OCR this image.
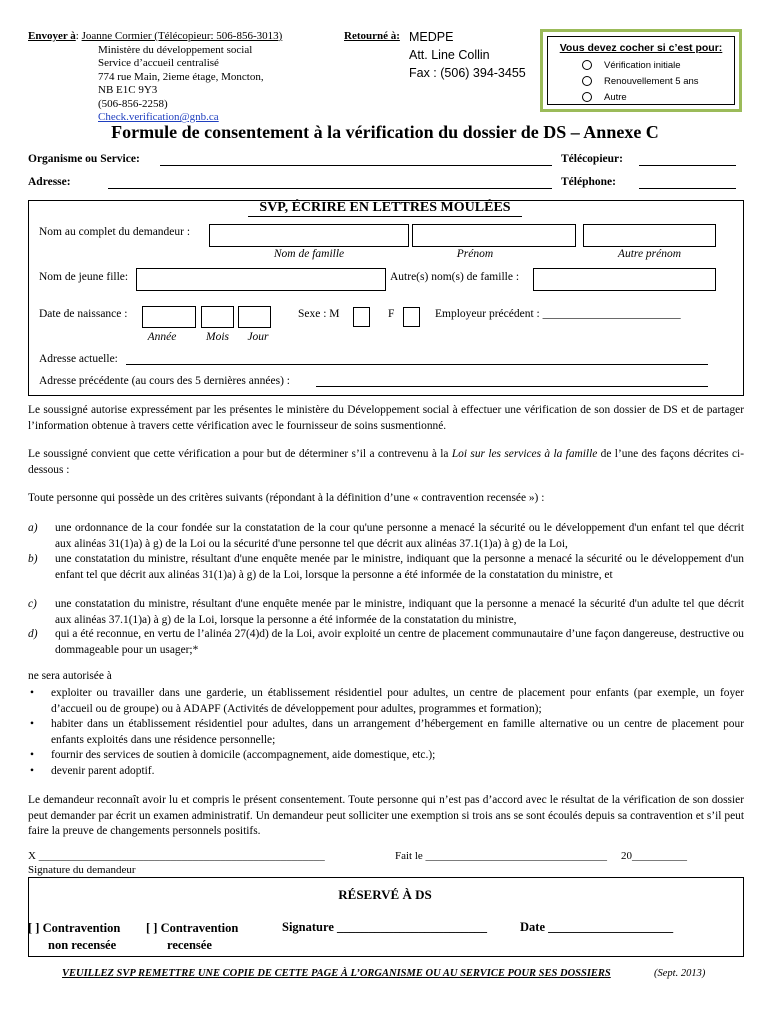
Envoyer à: Joanne Cormier (Télécopieur: 506-856-3013)
Ministère du développement social
Service d’accueil centralisé
774 rue Main, 2ieme étage, Moncton,
NB E1C 9Y3
(506-856-2258)
Check.verification@gnb.ca
Retourné à: MEDPE
Att. Line Collin
Fax : (506) 394-3455
Vous devez cocher si c’est pour:
Vérification initiale
Renouvellement 5 ans
Autre
Formule de consentement à la vérification du dossier de DS – Annexe C
Organisme ou Service:	Télécopieur:
Adresse:	Téléphone:
SVP, ÉCRIRE EN LETTRES MOULÉES
Nom au complet du demandeur :
Nom de famille	Prénom	Autre prénom
Nom de jeune fille:	Autre(s) nom(s) de famille :
Date de naissance :
Année	Mois	Jour
Sexe : M	F	Employeur précédent : ________________________
Adresse actuelle:
Adresse précédente (au cours des 5 dernières années) :
Le soussigné autorise expressément par les présentes le ministère du Développement social à effectuer une vérification de son dossier de DS et de partager l’information obtenue à travers cette vérification avec le fournisseur de soins susmentionné.
Le soussigné convient que cette vérification a pour but de déterminer s’il a contrevenu à la Loi sur les services à la famille de l’une des façons décrites ci-dessous :
Toute personne qui possède un des critères suivants (répondant à la définition d’une « contravention recensée ») :
a) une ordonnance de la cour fondée sur la constatation de la cour qu'une personne a menacé la sécurité ou le développement d'un enfant tel que décrit aux alinéas 31(1)a) à g) de la Loi ou la sécurité d'une personne tel que décrit aux alinéas 37.1(1)a) à g) de la Loi,
b) une constatation du ministre, résultant d'une enquête menée par le ministre, indiquant que la personne a menacé la sécurité ou le développement d'un enfant tel que décrit aux alinéas 31(1)a) à g) de la Loi, lorsque la personne a été informée de la constatation du ministre, et
c) une constatation du ministre, résultant d'une enquête menée par le ministre, indiquant que la personne a menacé la sécurité d'un adulte tel que décrit aux alinéas 37.1(1)a) à g) de la Loi, lorsque la personne a été informée de la constatation du ministre,
d) qui a été reconnue, en vertu de l’alinéa 27(4)d) de la Loi, avoir exploité un centre de placement communautaire d’une façon dangereuse, destructive ou dommageable pour un usager;*
ne sera autorisée à
• exploiter ou travailler dans une garderie, un établissement résidentiel pour adultes, un centre de placement pour enfants (par exemple, un foyer d’accueil ou de groupe) ou à ADAPF (Activités de développement pour adultes, programmes et formation);
• habiter dans un établissement résidentiel pour adultes, dans un arrangement d’hébergement en famille alternative ou un centre de placement pour enfants exploités dans une résidence personnelle;
• fournir des services de soutien à domicile (accompagnement, aide domestique, etc.);
• devenir parent adoptif.
Le demandeur reconnaît avoir lu et compris le présent consentement. Toute personne qui n’est pas d’accord avec le résultat de la vérification de son dossier peut demander par écrit un examen administratif. Un demandeur peut solliciter une exemption si trois ans se sont écoulés depuis sa contravention et s’il peut faire la preuve de changements personnels positifs.
X ____________________________________________________
Signature du demandeur
Fait le _________________________________ 20__________
RÉSERVÉ À DS
[ ] Contravention
non recensée
[ ] Contravention
recensée
Signature ________________________	Date ____________________
VEUILLEZ SVP REMETTRE UNE COPIE DE CETTE PAGE À L’ORGANISME OU AU SERVICE POUR SES DOSSIERS	(Sept. 2013)
